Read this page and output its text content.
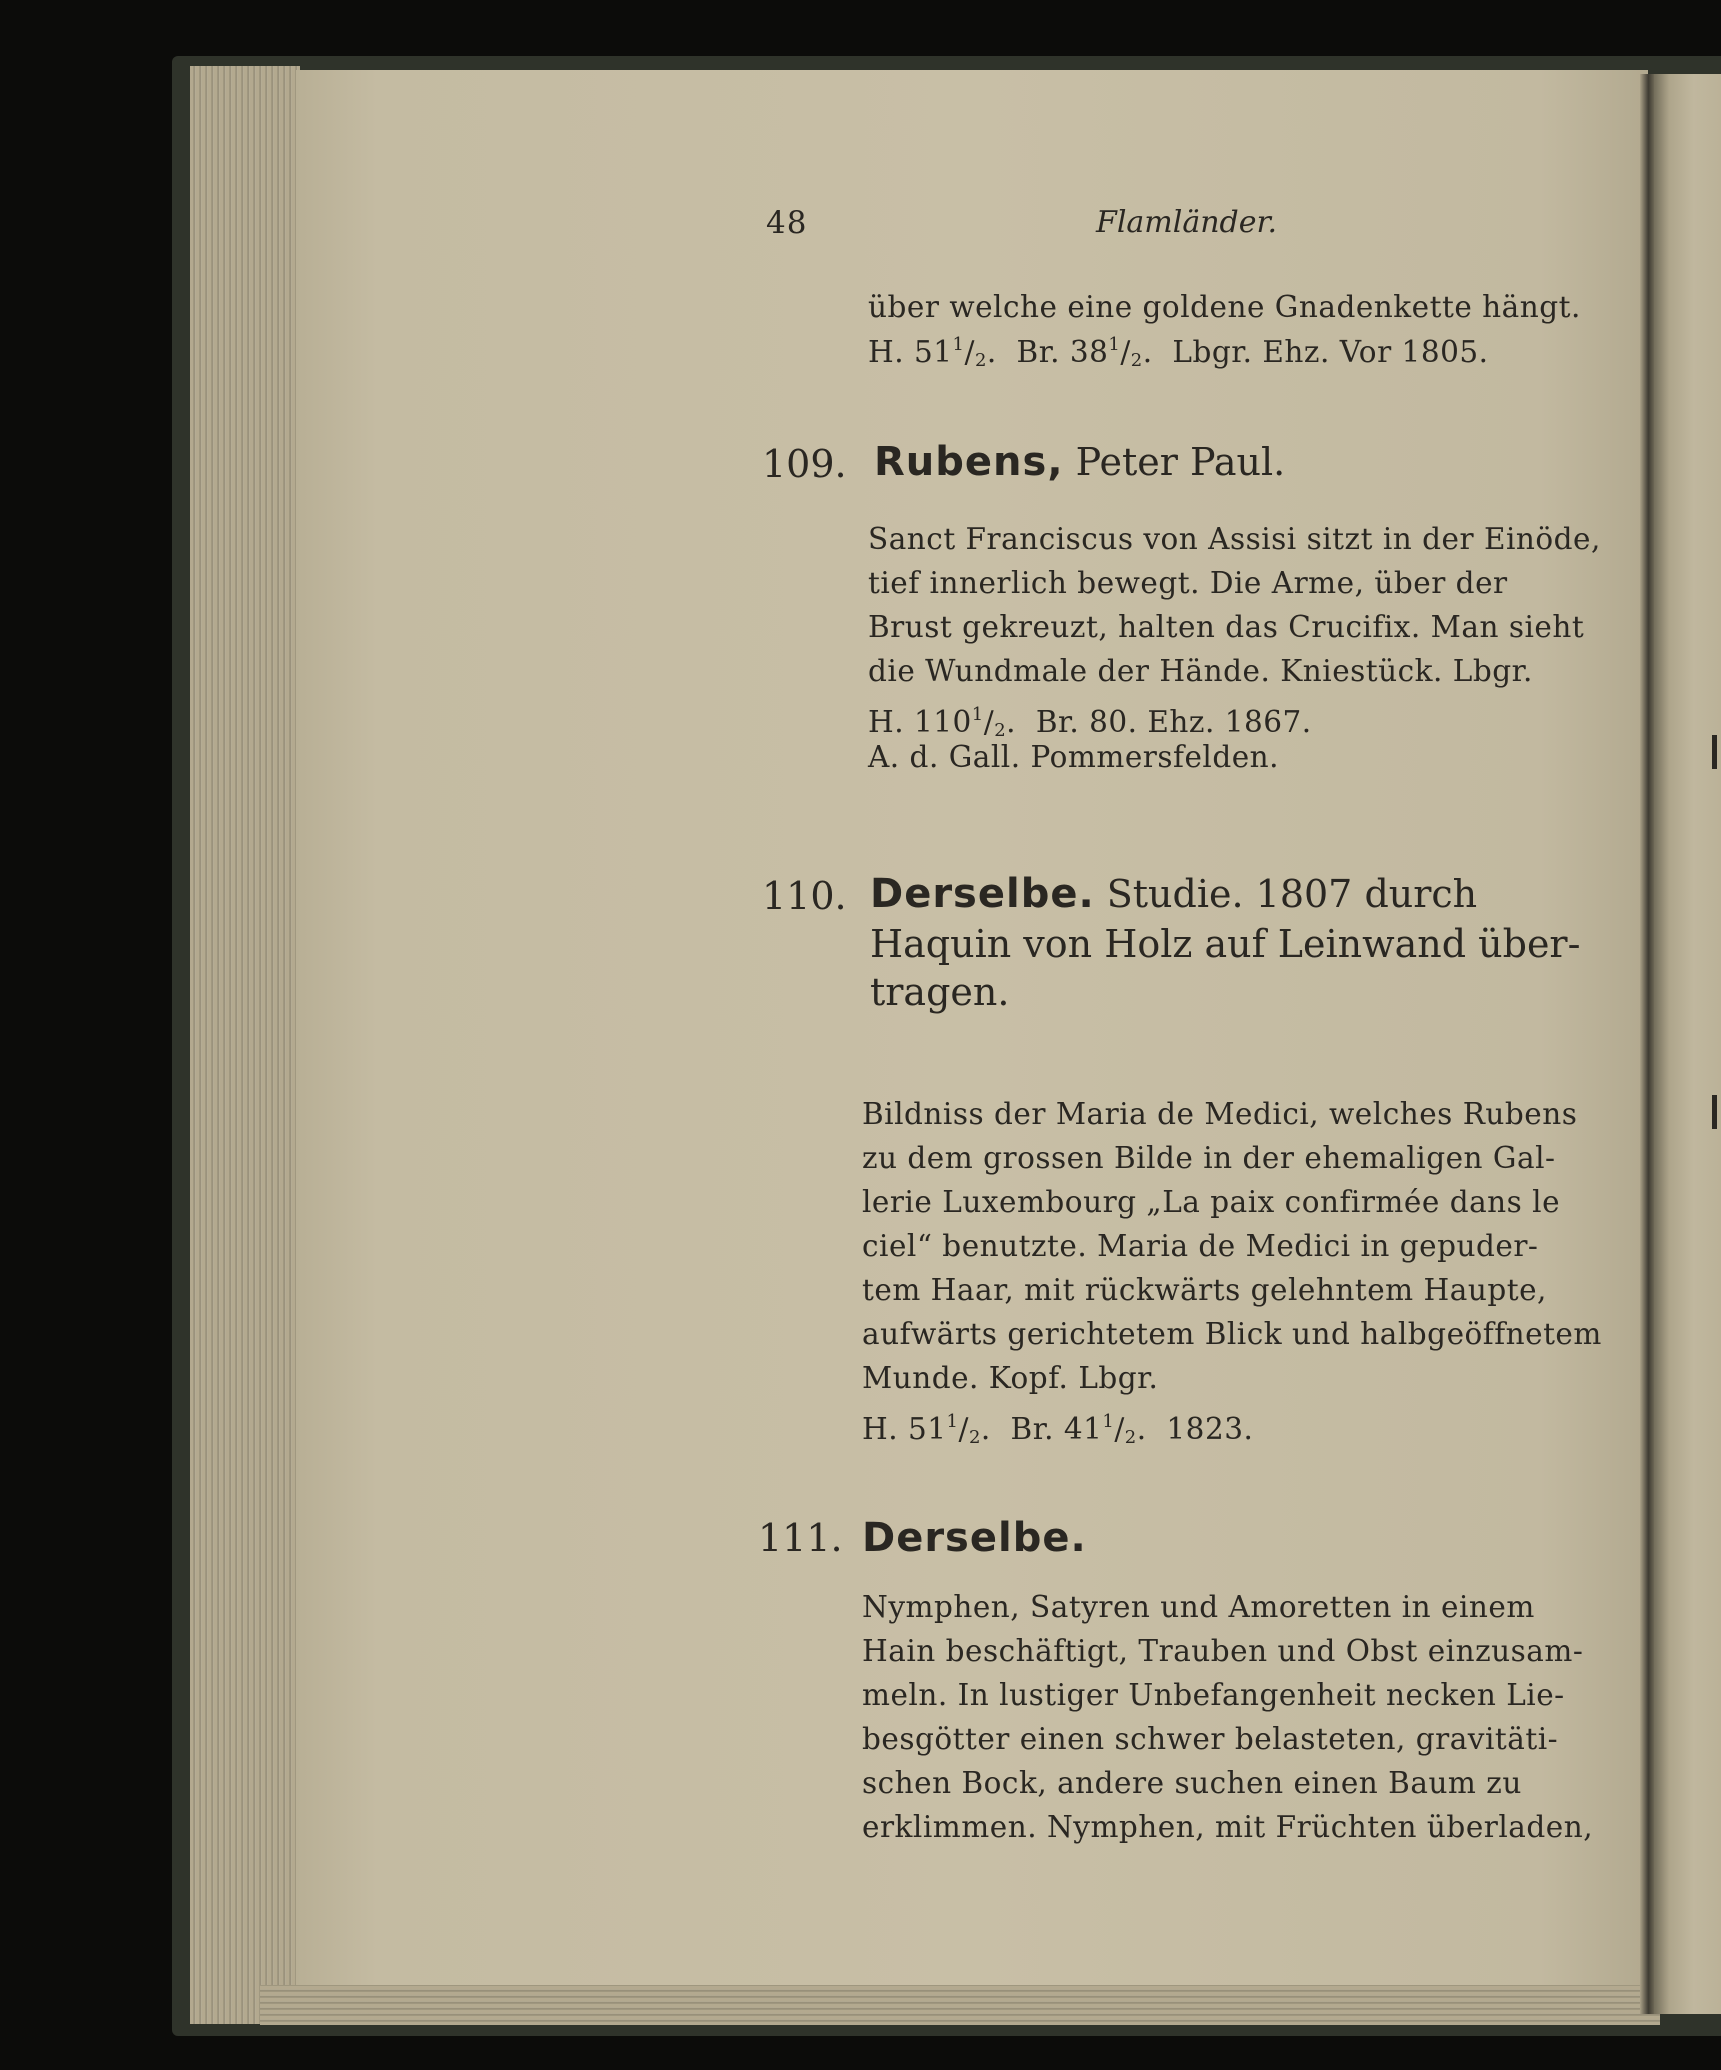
48	Flamländer.
über welche eine goldene Gnadenkette hängt.
H. $51^1/_2$. Br. $38^1/_2$. Lbgr. Ehz. Vor 1805.
109. Rubens, Peter Paul.
Sanct Franciscus von Assisi sitzt in der Einöde,
tief innerlich bewegt. Die Arme, über der
Brust gekreuzt, halten das Crucifix. Man sieht
die Wundmale der Hände. Kniestück. Lbgr.
H. $110^1/_2$. Br. 80. Ehz. 1867.
A. d. Gall. Pommersfelden.
110. Derselbe. Studie. 1807 durch
Haquin von Holz auf Leinwand über-
tragen.
Bildniss der Maria de Medici, welches Rubens
zu dem grossen Bilde in der ehemaligen Gal-
lerie Luxembourg „La paix confirmée dans le
ciel“ benutzte. Maria de Medici in gepuder-
tem Haar, mit rückwärts gelehntem Haupte,
aufwärts gerichtetem Blick und halbgeöffnetem
Munde. Kopf. Lbgr.
H. $51^1/_2$. Br. $41^1/_2$. 1823.
111. Derselbe.
Nymphen, Satyren und Amoretten in einem
Hain beschäftigt, Trauben und Obst einzusam-
meln. In lustiger Unbefangenheit necken Lie-
besgötter einen schwer belasteten, gravitäti-
schen Bock, andere suchen einen Baum zu
erklimmen. Nymphen, mit Früchten überladen,
